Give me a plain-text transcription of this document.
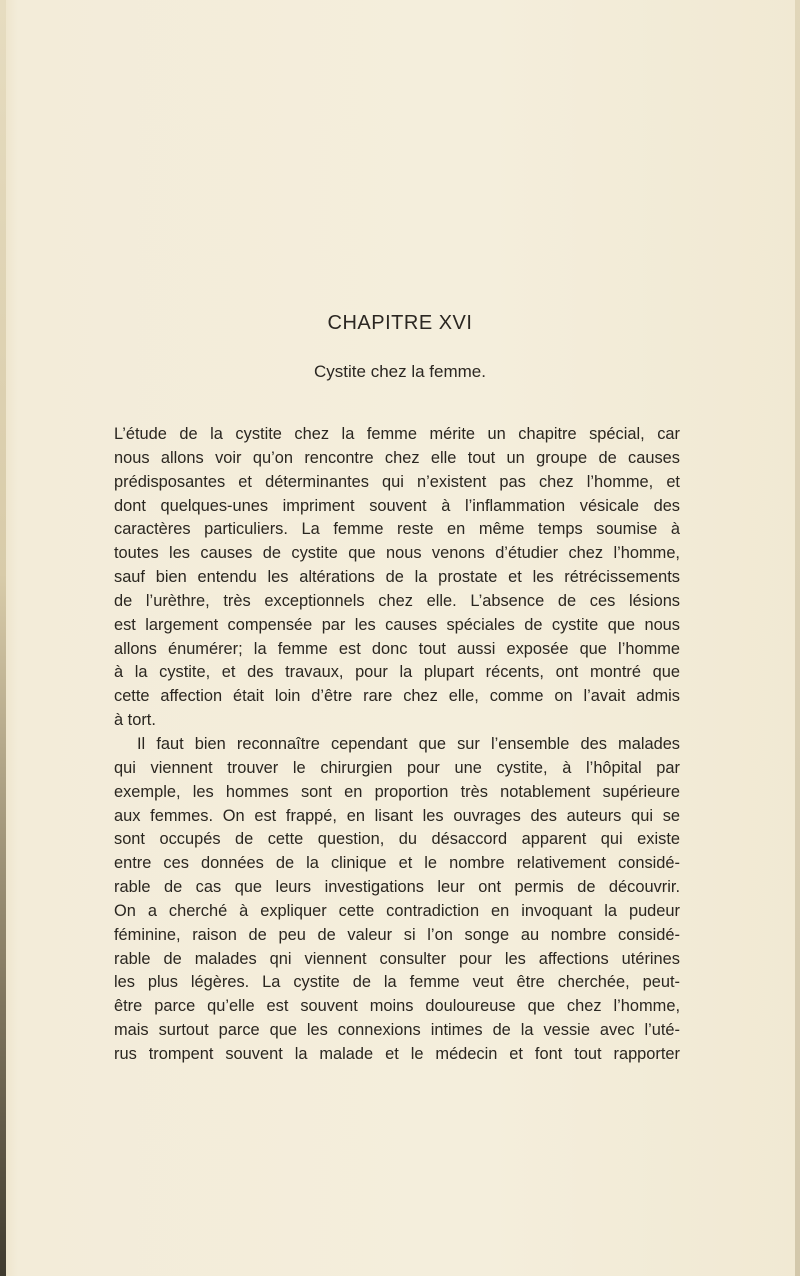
CHAPITRE XVI
Cystite chez la femme.
L’étude de la cystite chez la femme mérite un chapitre spécial, car
nous allons voir qu’on rencontre chez elle tout un groupe de causes
prédisposantes et déterminantes qui n’existent pas chez l’homme, et
dont quelques-unes impriment souvent à l’inflammation vésicale des
caractères particuliers. La femme reste en même temps soumise à
toutes les causes de cystite que nous venons d’étudier chez l’homme,
sauf bien entendu les altérations de la prostate et les rétrécissements
de l’urèthre, très exceptionnels chez elle. L’absence de ces lésions
est largement compensée par les causes spéciales de cystite que nous
allons énumérer; la femme est donc tout aussi exposée que l’homme
à la cystite, et des travaux, pour la plupart récents, ont montré que
cette affection était loin d’être rare chez elle, comme on l’avait admis
à tort.
Il faut bien reconnaître cependant que sur l’ensemble des malades
qui viennent trouver le chirurgien pour une cystite, à l’hôpital par
exemple, les hommes sont en proportion très notablement supérieure
aux femmes. On est frappé, en lisant les ouvrages des auteurs qui se
sont occupés de cette question, du désaccord apparent qui existe
entre ces données de la clinique et le nombre relativement considé-
rable de cas que leurs investigations leur ont permis de découvrir.
On a cherché à expliquer cette contradiction en invoquant la pudeur
féminine, raison de peu de valeur si l’on songe au nombre considé-
rable de malades qni viennent consulter pour les affections utérines
les plus légères. La cystite de la femme veut être cherchée, peut-
être parce qu’elle est souvent moins douloureuse que chez l’homme,
mais surtout parce que les connexions intimes de la vessie avec l’uté-
rus trompent souvent la malade et le médecin et font tout rapporter
